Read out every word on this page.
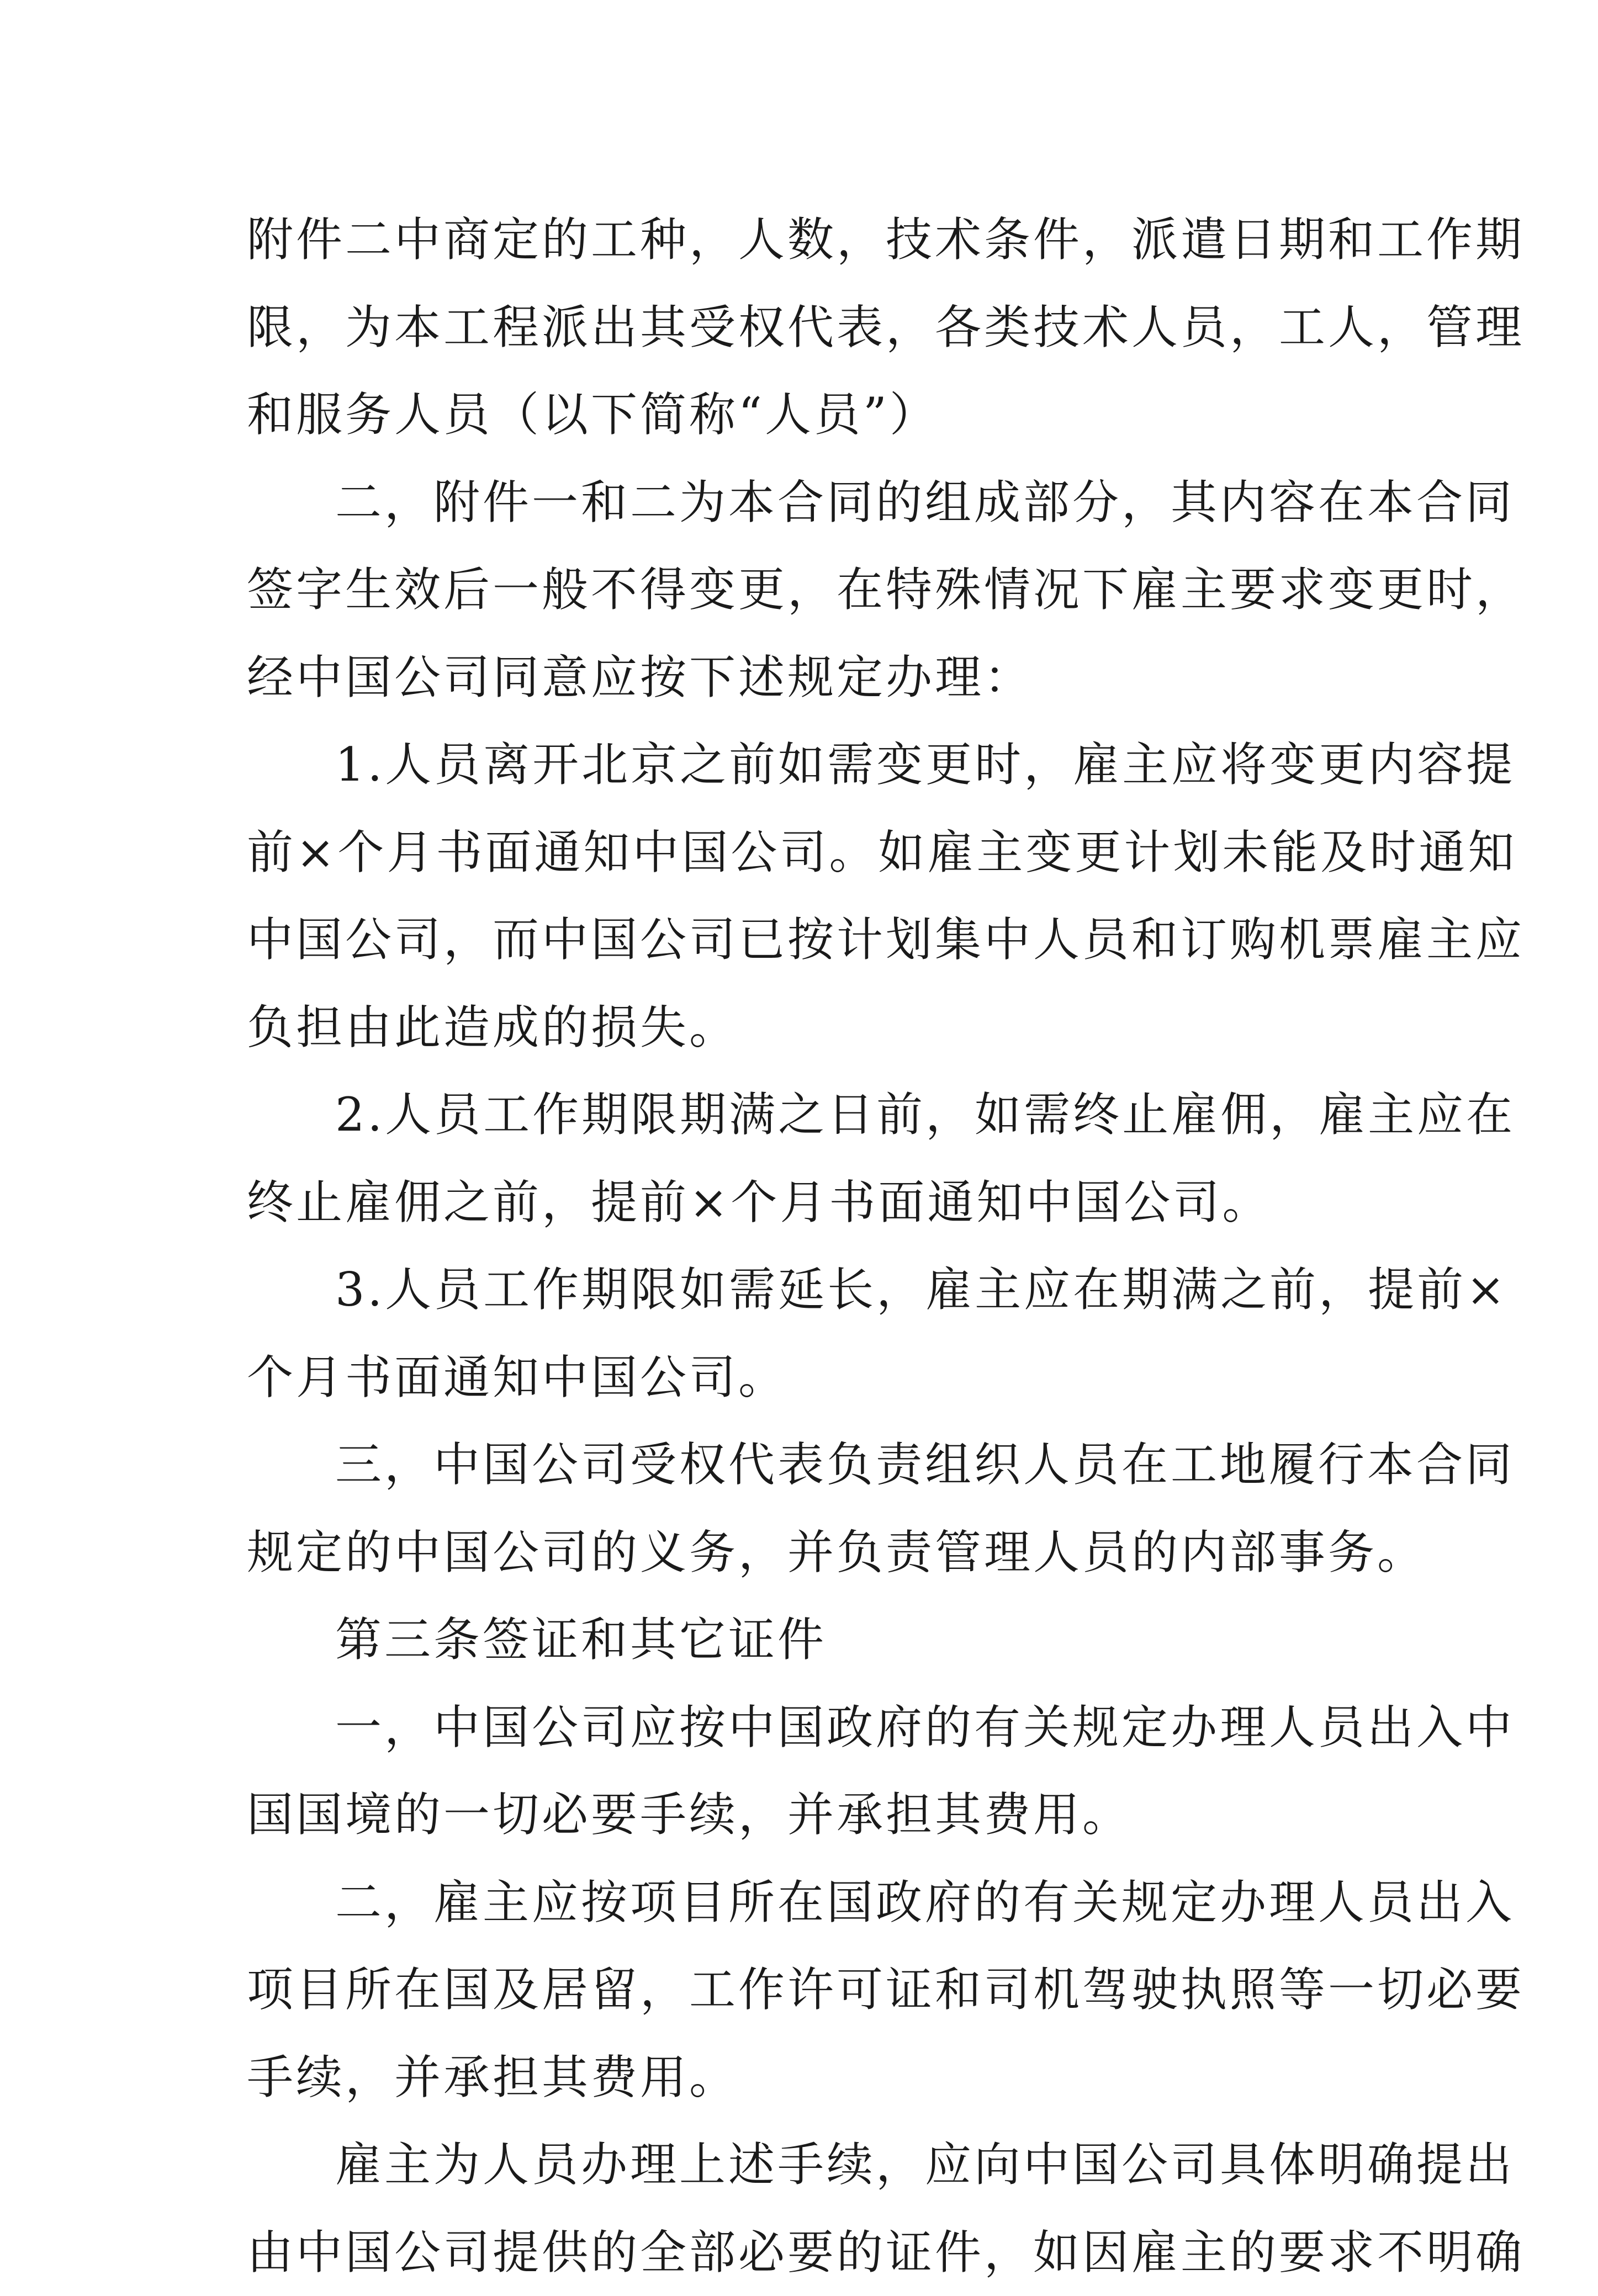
附件二中商定的工种，人数，技术条件，派遣日期和工作期
限，为本工程派出其受权代表，各类技术人员，工人，管理
和服务人员（以下简称“人员”）
二，附件一和二为本合同的组成部分，其内容在本合同
签字生效后一般不得变更，在特殊情况下雇主要求变更时，
经中国公司同意应按下述规定办理：
1.人员离开北京之前如需变更时，雇主应将变更内容提
前×个月书面通知中国公司。如雇主变更计划未能及时通知
中国公司，而中国公司已按计划集中人员和订购机票雇主应
负担由此造成的损失。
2.人员工作期限期满之日前，如需终止雇佣，雇主应在
终止雇佣之前，提前×个月书面通知中国公司。
3.人员工作期限如需延长，雇主应在期满之前，提前×
个月书面通知中国公司。
三，中国公司受权代表负责组织人员在工地履行本合同
规定的中国公司的义务，并负责管理人员的内部事务。
第三条签证和其它证件
一，中国公司应按中国政府的有关规定办理人员出入中
国国境的一切必要手续，并承担其费用。
二，雇主应按项目所在国政府的有关规定办理人员出入
项目所在国及居留，工作许可证和司机驾驶执照等一切必要
手续，并承担其费用。
雇主为人员办理上述手续，应向中国公司具体明确提出
由中国公司提供的全部必要的证件，如因雇主的要求不明确
